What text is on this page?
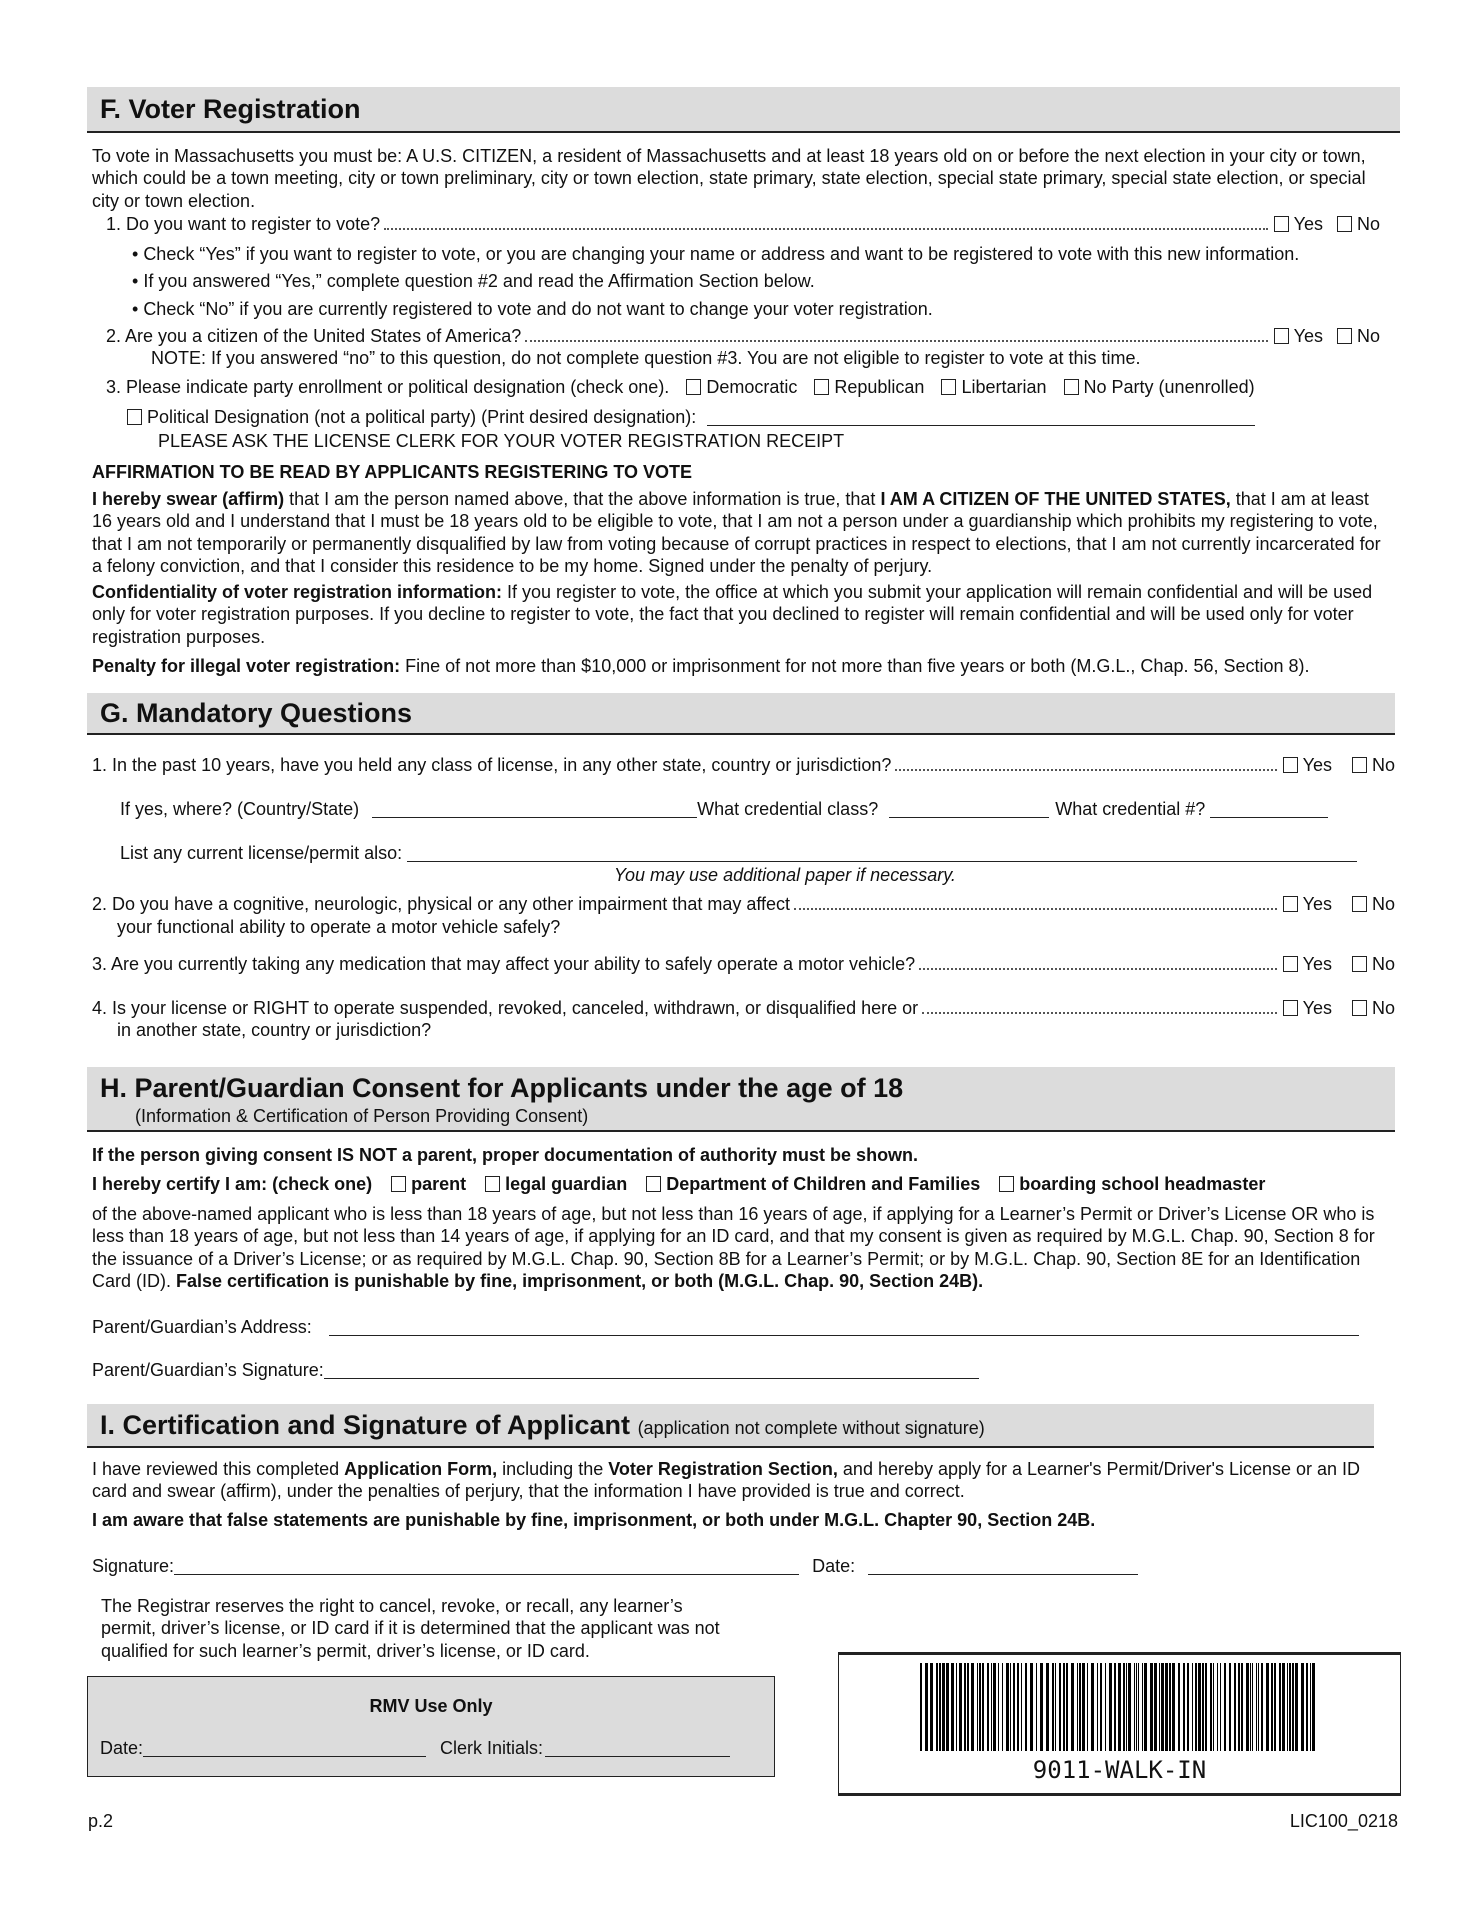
F. Voter Registration
To vote in Massachusetts you must be: A U.S. CITIZEN, a resident of Massachusetts and at least 18 years old on or before the next election in your city or town, which could be a town meeting, city or town preliminary, city or town election, state primary, state election, special state primary, special state election, or special city or town election.
1. Do you want to register to vote?	Yes No
• Check “Yes” if you want to register to vote, or you are changing your name or address and want to be registered to vote with this new information.
• If you answered “Yes,” complete question #2 and read the Affirmation Section below.
• Check “No” if you are currently registered to vote and do not want to change your voter registration.
2. Are you a citizen of the United States of America?	Yes No
NOTE: If you answered “no” to this question, do not complete question #3. You are not eligible to register to vote at this time.
3. Please indicate party enrollment or political designation (check one). Democratic Republican Libertarian No Party (unenrolled)
Political Designation (not a political party) (Print desired designation):
PLEASE ASK THE LICENSE CLERK FOR YOUR VOTER REGISTRATION RECEIPT
AFFIRMATION TO BE READ BY APPLICANTS REGISTERING TO VOTE
I hereby swear (affirm) that I am the person named above, that the above information is true, that I AM A CITIZEN OF THE UNITED STATES, that I am at least 16 years old and I understand that I must be 18 years old to be eligible to vote, that I am not a person under a guardianship which prohibits my registering to vote, that I am not temporarily or permanently disqualified by law from voting because of corrupt practices in respect to elections, that I am not currently incarcerated for a felony conviction, and that I consider this residence to be my home. Signed under the penalty of perjury.
Confidentiality of voter registration information: If you register to vote, the office at which you submit your application will remain confidential and will be used only for voter registration purposes. If you decline to register to vote, the fact that you declined to register will remain confidential and will be used only for voter registration purposes.
Penalty for illegal voter registration: Fine of not more than $10,000 or imprisonment for not more than five years or both (M.G.L., Chap. 56, Section 8).
G. Mandatory Questions
1. In the past 10 years, have you held any class of license, in any other state, country or jurisdiction?	Yes No
If yes, where? (Country/State)	What credential class?	What credential #?
List any current license/permit also:
You may use additional paper if necessary.
2. Do you have a cognitive, neurologic, physical or any other impairment that may affect	Yes No
your functional ability to operate a motor vehicle safely?
3. Are you currently taking any medication that may affect your ability to safely operate a motor vehicle?	Yes No
4. Is your license or RIGHT to operate suspended, revoked, canceled, withdrawn, or disqualified here or	Yes No
in another state, country or jurisdiction?
H. Parent/Guardian Consent for Applicants under the age of 18
(Information & Certification of Person Providing Consent)
If the person giving consent IS NOT a parent, proper documentation of authority must be shown.
I hereby certify I am: (check one) parent legal guardian Department of Children and Families boarding school headmaster
of the above-named applicant who is less than 18 years of age, but not less than 16 years of age, if applying for a Learner’s Permit or Driver’s License OR who is less than 18 years of age, but not less than 14 years of age, if applying for an ID card, and that my consent is given as required by M.G.L. Chap. 90, Section 8 for the issuance of a Driver’s License; or as required by M.G.L. Chap. 90, Section 8B for a Learner’s Permit; or by M.G.L. Chap. 90, Section 8E for an Identification Card (ID). False certification is punishable by fine, imprisonment, or both (M.G.L. Chap. 90, Section 24B).
Parent/Guardian’s Address:
Parent/Guardian’s Signature:
I. Certification and Signature of Applicant (application not complete without signature)
I have reviewed this completed Application Form, including the Voter Registration Section, and hereby apply for a Learner's Permit/Driver's License or an ID card and swear (affirm), under the penalties of perjury, that the information I have provided is true and correct.
I am aware that false statements are punishable by fine, imprisonment, or both under M.G.L. Chapter 90, Section 24B.
Signature:	Date:
The Registrar reserves the right to cancel, revoke, or recall, any learner’s permit, driver’s license, or ID card if it is determined that the applicant was not qualified for such learner’s permit, driver’s license, or ID card.
RMV Use Only
Date:	Clerk Initials:
9011-WALK-IN
p.2	LIC100_0218
